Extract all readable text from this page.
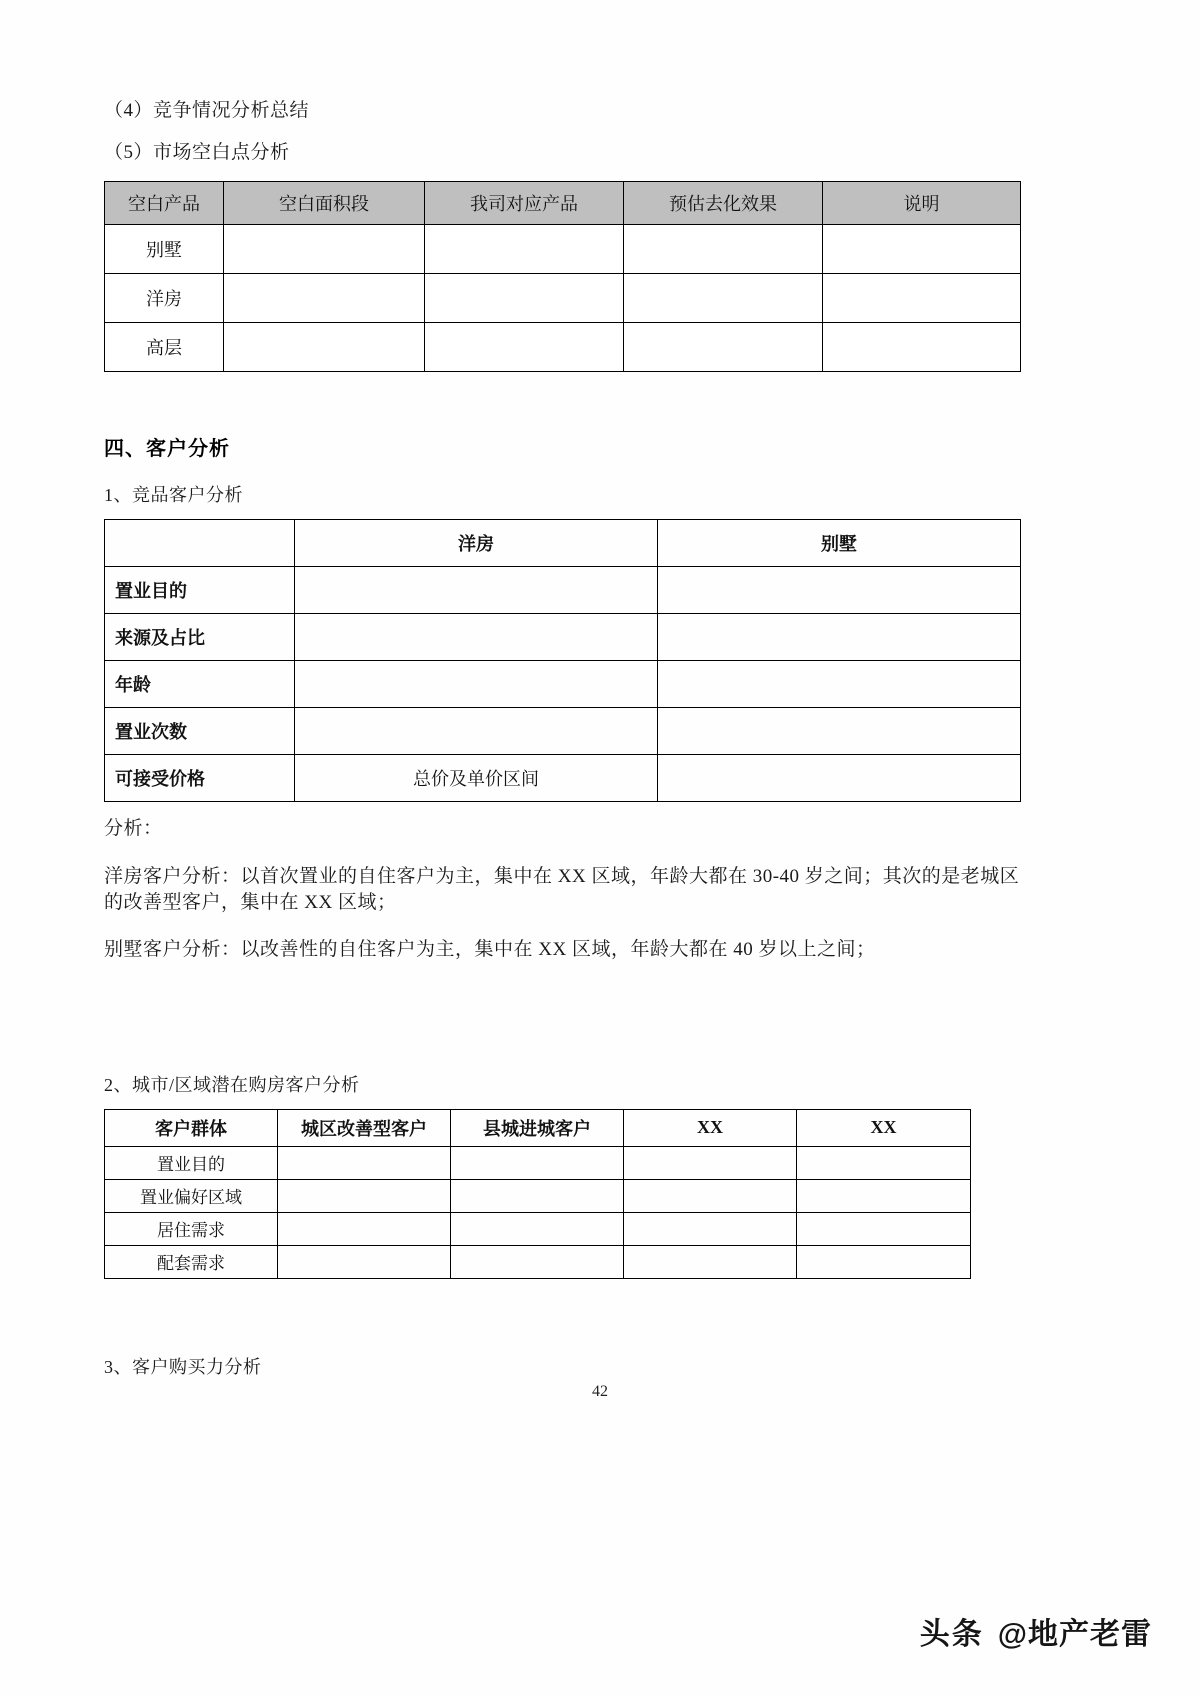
（4）竞争情况分析总结

（5）市场空白点分析

空白产品	空白面积段	我司对应产品	预估去化效果	说明
别墅				
洋房				
高层				

四、客户分析

1、竞品客户分析

	洋房	别墅
置业目的		
来源及占比		
年龄		
置业次数		
可接受价格	总价及单价区间	

分析：

洋房客户分析：以首次置业的自住客户为主，集中在 XX 区域，年龄大都在 30-40 岁之间；其次的是老城区的改善型客户，集中在 XX 区域；

别墅客户分析：以改善性的自住客户为主，集中在 XX 区域，年龄大都在 40 岁以上之间；

2、城市/区域潜在购房客户分析

客户群体	城区改善型客户	县城进城客户	XX	XX
置业目的				
置业偏好区域				
居住需求				
配套需求				

3、客户购买力分析

42
头条 @地产老雷
